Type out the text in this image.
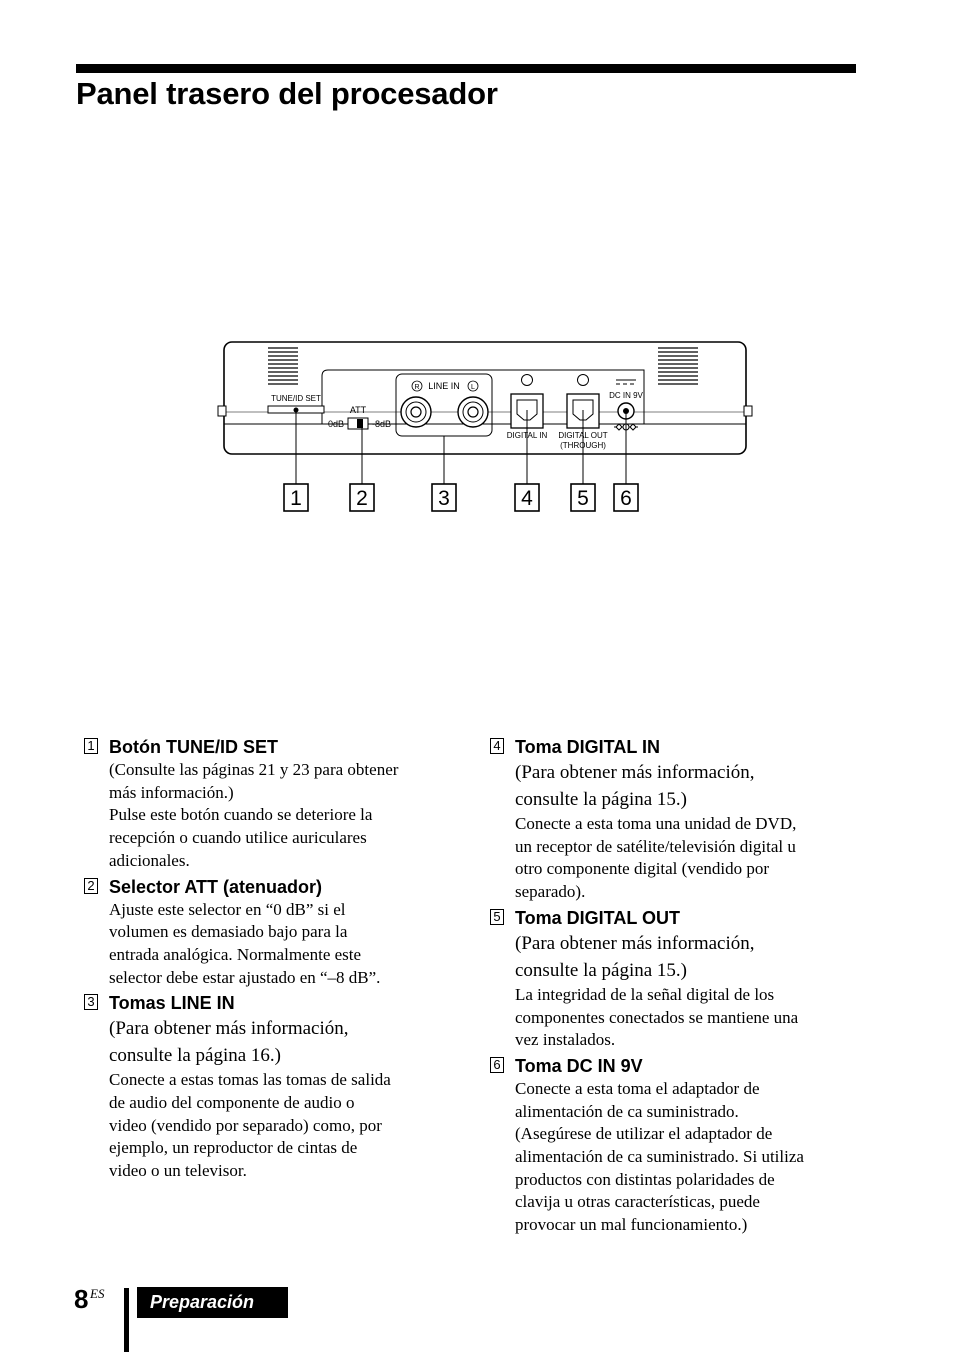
Panel trasero del procesador
TUNE/ID SET
ATT
0dB	-8dB
R LINE IN L
DIGITAL IN DIGITAL OUT
(THROUGH)
DC IN 9V
1	2	3	4 5 6
1 Botón TUNE/ID SET
(Consulte las páginas 21 y 23 para obtener
más información.)
Pulse este botón cuando se deteriore la
recepción o cuando utilice auriculares
adicionales.
2 Selector ATT (atenuador)
Ajuste este selector en “0 dB” si el
volumen es demasiado bajo para la
entrada analógica. Normalmente este
selector debe estar ajustado en “–8 dB”.
3 Tomas LINE IN
(Para obtener más información,
consulte la página 16.)
Conecte a estas tomas las tomas de salida
de audio del componente de audio o
video (vendido por separado) como, por
ejemplo, un reproductor de cintas de
video o un televisor.
4 Toma DIGITAL IN
(Para obtener más información,
consulte la página 15.)
Conecte a esta toma una unidad de DVD,
un receptor de satélite/televisión digital u
otro componente digital (vendido por
separado).
5 Toma DIGITAL OUT
(Para obtener más información,
consulte la página 15.)
La integridad de la señal digital de los
componentes conectados se mantiene una
vez instalados.
6 Toma DC IN 9V
Conecte a esta toma el adaptador de
alimentación de ca suministrado.
(Asegúrese de utilizar el adaptador de
alimentación de ca suministrado. Si utiliza
productos con distintas polaridades de
clavija u otras características, puede
provocar un mal funcionamiento.)
8 ES	Preparación
